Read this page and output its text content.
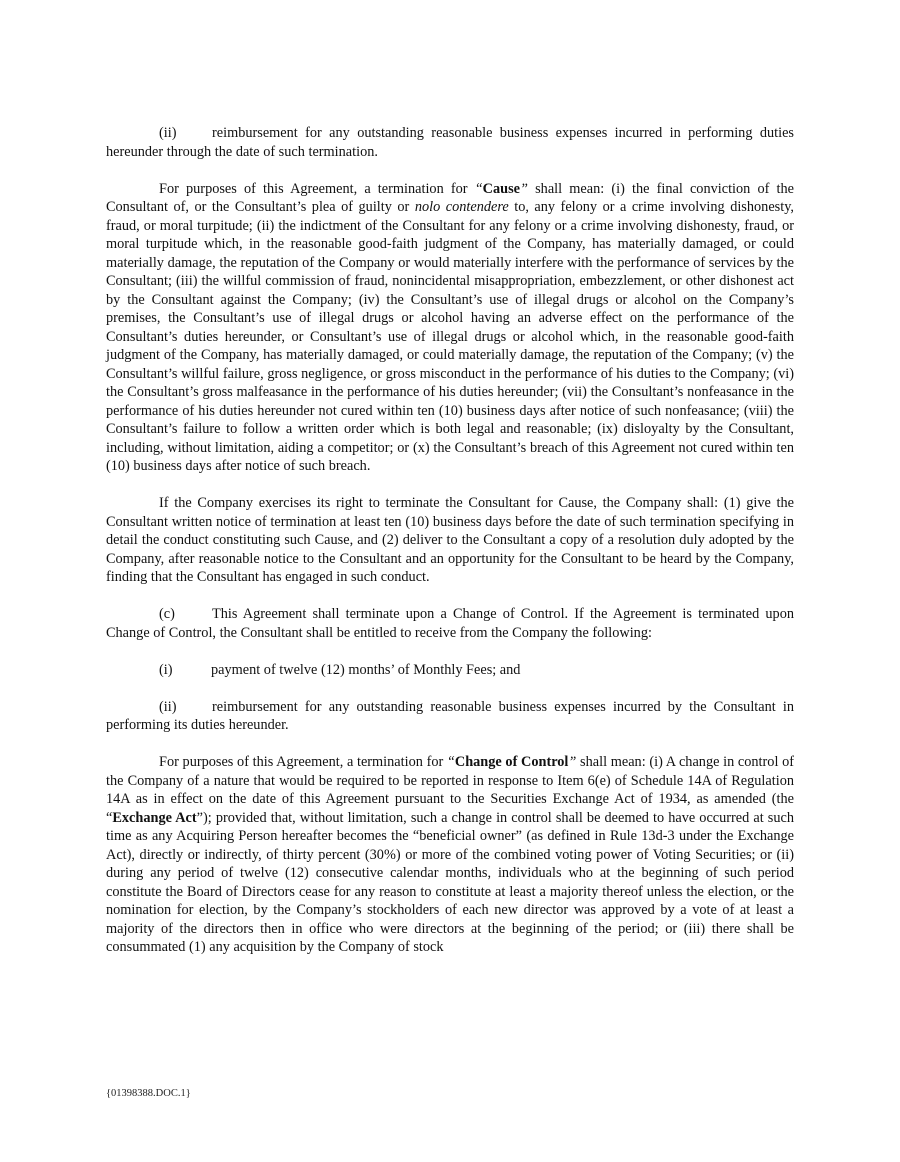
(ii) reimbursement for any outstanding reasonable business expenses incurred in performing duties hereunder through the date of such termination.

For purposes of this Agreement, a termination for “Cause” shall mean: (i) the final conviction of the Consultant of, or the Consultant’s plea of guilty or nolo contendere to, any felony or a crime involving dishonesty, fraud, or moral turpitude; (ii) the indictment of the Consultant for any felony or a crime involving dishonesty, fraud, or moral turpitude which, in the reasonable good-faith judgment of the Company, has materially damaged, or could materially damage, the reputation of the Company or would materially interfere with the performance of services by the Consultant; (iii) the willful commission of fraud, nonincidental misappropriation, embezzlement, or other dishonest act by the Consultant against the Company; (iv) the Consultant’s use of illegal drugs or alcohol on the Company’s premises, the Consultant’s use of illegal drugs or alcohol having an adverse effect on the performance of the Consultant’s duties hereunder, or Consultant’s use of illegal drugs or alcohol which, in the reasonable good-faith judgment of the Company, has materially damaged, or could materially damage, the reputation of the Company; (v) the Consultant’s willful failure, gross negligence, or gross misconduct in the performance of his duties to the Company; (vi) the Consultant’s gross malfeasance in the performance of his duties hereunder; (vii) the Consultant’s nonfeasance in the performance of his duties hereunder not cured within ten (10) business days after notice of such nonfeasance; (viii) the Consultant’s failure to follow a written order which is both legal and reasonable; (ix) disloyalty by the Consultant, including, without limitation, aiding a competitor; or (x) the Consultant’s breach of this Agreement not cured within ten (10) business days after notice of such breach.

If the Company exercises its right to terminate the Consultant for Cause, the Company shall: (1) give the Consultant written notice of termination at least ten (10) business days before the date of such termination specifying in detail the conduct constituting such Cause, and (2) deliver to the Consultant a copy of a resolution duly adopted by the Company, after reasonable notice to the Consultant and an opportunity for the Consultant to be heard by the Company, finding that the Consultant has engaged in such conduct.

(c)	This Agreement shall terminate upon a Change of Control. If the Agreement is terminated upon Change of Control, the Consultant shall be entitled to receive from the Company the following:

(i)	payment of twelve (12) months’ of Monthly Fees; and

(ii) reimbursement for any outstanding reasonable business expenses incurred by the Consultant in performing its duties hereunder.

For purposes of this Agreement, a termination for “Change of Control” shall mean: (i) A change in control of the Company of a nature that would be required to be reported in response to Item 6(e) of Schedule 14A of Regulation 14A as in effect on the date of this Agreement pursuant to the Securities Exchange Act of 1934, as amended (the “Exchange Act”); provided that, without limitation, such a change in control shall be deemed to have occurred at such time as any Acquiring Person hereafter becomes the “beneficial owner” (as defined in Rule 13d-3 under the Exchange Act), directly or indirectly, of thirty percent (30%) or more of the combined voting power of Voting Securities; or (ii) during any period of twelve (12) consecutive calendar months, individuals who at the beginning of such period constitute the Board of Directors cease for any reason to constitute at least a majority thereof unless the election, or the nomination for election, by the Company’s stockholders of each new director was approved by a vote of at least a majority of the directors then in office who were directors at the beginning of the period; or (iii) there shall be consummated (1) any acquisition by the Company of stock

{01398388.DOC.1}
